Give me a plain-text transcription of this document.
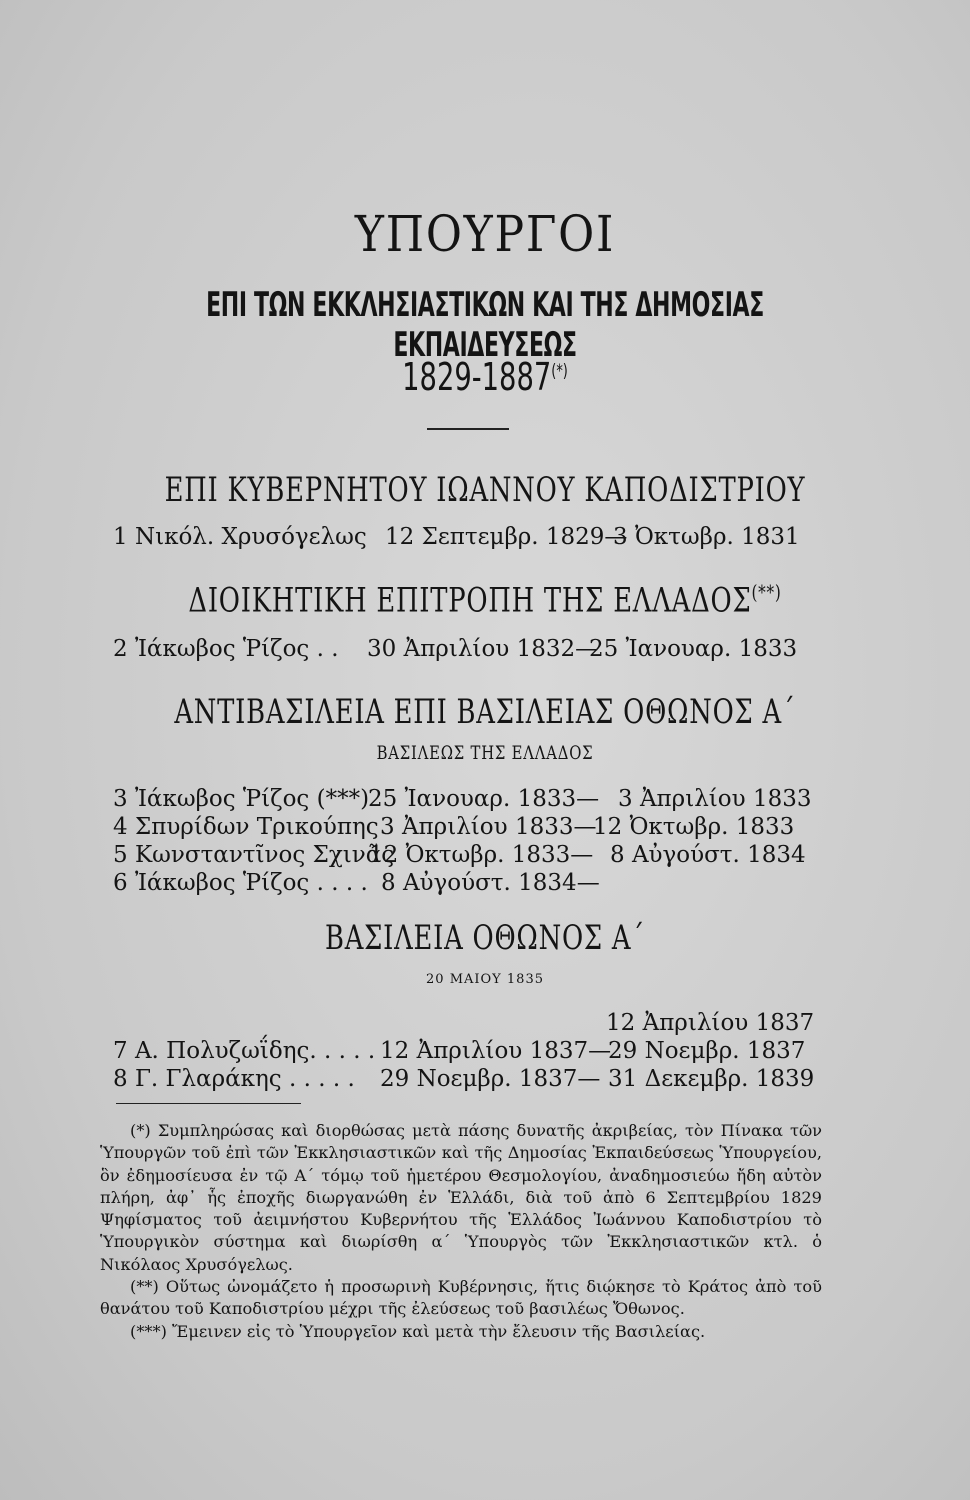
ΥΠΟΥΡΓΟΙ
ΕΠΙ ΤΩΝ ΕΚΚΛΗΣΙΑΣΤΙΚΩΝ ΚΑΙ ΤΗΣ ΔΗΜΟΣΙΑΣ ΕΚΠΑΙΔΕΥΣΕΩΣ
1829-1887(*)
ΕΠΙ ΚΥΒΕΡΝΗΤΟΥ ΙΩΑΝΝΟΥ ΚΑΠΟΔΙΣΤΡΙΟΥ
1 Νικόλ. Χρυσόγελως 12 Σεπτεμβρ. 1829—
3 Ὀκτωβρ. 1831
ΔΙΟΙΚΗΤΙΚΗ ΕΠΙΤΡΟΠΗ ΤΗΣ ΕΛΛΑΔΟΣ(**)
2 Ἰάκωβος Ῥίζος . . 30 Ἀπριλίου 1832—
25 Ἰανουαρ. 1833
ΑΝΤΙΒΑΣΙΛΕΙΑ ΕΠΙ ΒΑΣΙΛΕΙΑΣ ΟΘΩΝΟΣ Α΄
ΒΑΣΙΛΕΩΣ ΤΗΣ ΕΛΛΑΔΟΣ
3 Ἰάκωβος Ῥίζος (***)
25 Ἰανουαρ. 1833— 3 Ἀπριλίου 1833
4 Σπυρίδων Τρικούπης 3 Ἀπριλίου 1833—
12 Ὀκτωβρ. 1833
5 Κωνσταντῖνος Σχινᾶς
12 Ὀκτωβρ. 1833— 8 Αὐγούστ. 1834
6 Ἰάκωβος Ῥίζος . . . . 8 Αὐγούστ. 1834—
ΒΑΣΙΛΕΙΑ ΟΘΩΝΟΣ Α΄
20 ΜΑΙΟΥ 1835
12 Ἀπριλίου 1837
7 Α. Πολυζωΐδης. . . . . 12 Ἀπριλίου 1837—
29 Νοεμβρ. 1837
8 Γ. Γλαράκης . . . . . 29 Νοεμβρ. 1837— 31 Δεκεμβρ. 1839

(*) Συμπληρώσας καὶ διορθώσας μετὰ πάσης δυνατῆς ἀκριβείας, τὸν Πίνακα τῶν Ὑπουργῶν τοῦ ἐπὶ τῶν Ἐκκλησιαστικῶν καὶ τῆς Δημοσίας Ἐκπαιδεύσεως Ὑπουργείου, ὃν ἐδημοσίευσα ἐν τῷ Α΄ τόμῳ τοῦ ἡμετέρου Θεσμολογίου, ἀναδημοσιεύω ἤδη αὐτὸν πλήρη, ἀφ᾽ ἧς ἐποχῆς διωργανώθη ἐν Ἑλλάδι, διὰ τοῦ ἀπὸ 6 Σεπτεμβρίου 1829 Ψηφίσματος τοῦ ἀειμνήστου Κυβερνήτου τῆς Ἑλλάδος Ἰωάννου Καποδιστρίου τὸ Ὑπουργικὸν σύστημα καὶ διωρίσθη α΄ Ὑπουργὸς τῶν Ἐκκλησιαστικῶν κτλ. ὁ Νικόλαος Χρυσόγελως.

(**) Οὕτως ὠνομάζετο ἡ προσωρινὴ Κυβέρνησις, ἥτις διῴκησε τὸ Κράτος ἀπὸ τοῦ θανάτου τοῦ Καποδιστρίου μέχρι τῆς ἐλεύσεως τοῦ βασιλέως Ὄθωνος.

(***) Ἔμεινεν εἰς τὸ Ὑπουργεῖον καὶ μετὰ τὴν ἔλευσιν τῆς Βασιλείας.
